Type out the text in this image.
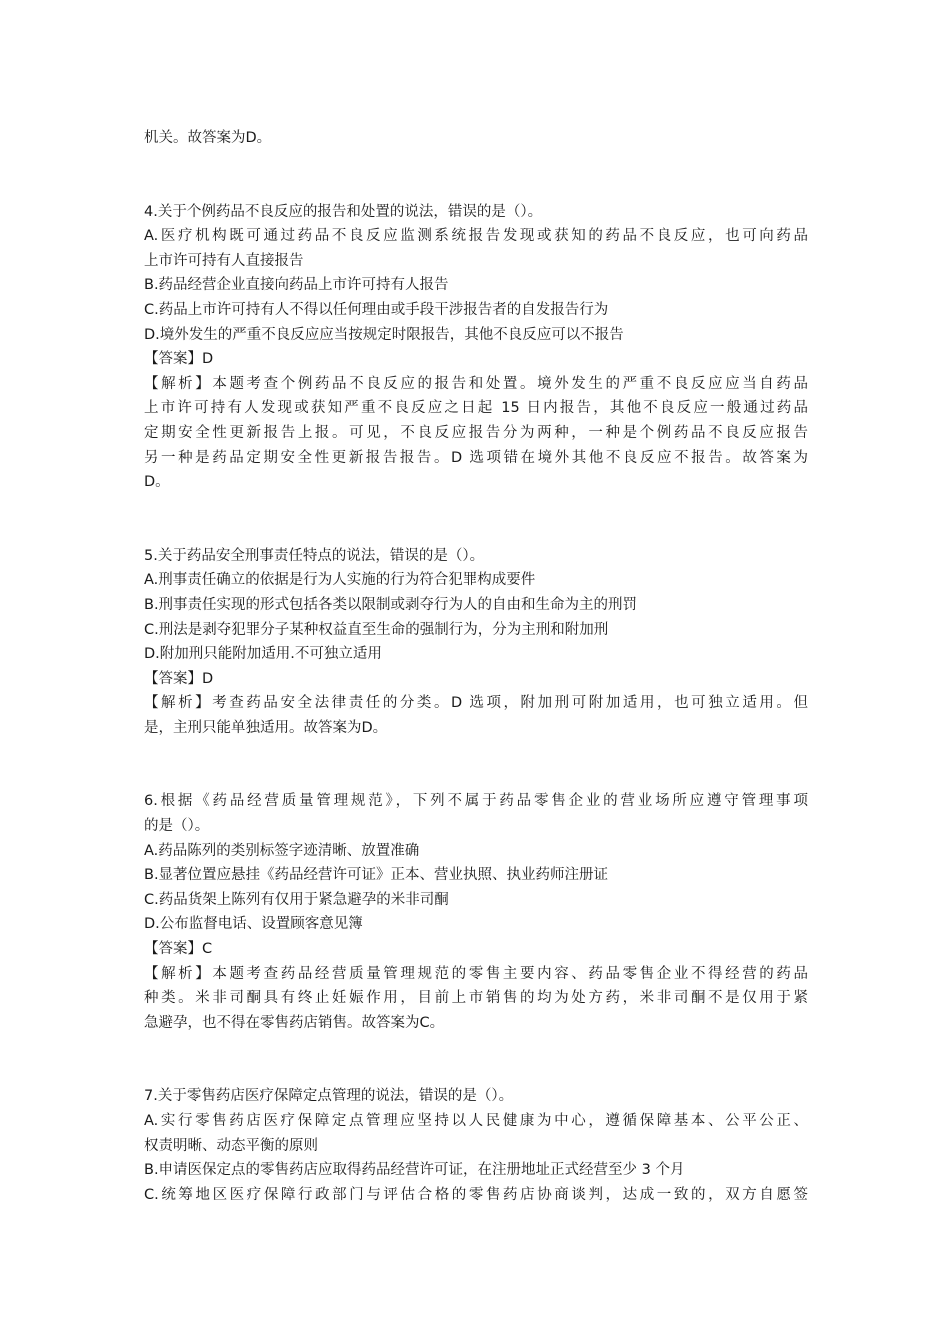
机关。故答案为D。
4.关于个例药品不良反应的报告和处置的说法，错误的是（）。
A.医疗机构既可通过药品不良反应监测系统报告发现或获知的药品不良反应，也可向药品
上市许可持有人直接报告
B.药品经营企业直接向药品上市许可持有人报告
C.药品上市许可持有人不得以任何理由或手段干涉报告者的自发报告行为
D.境外发生的严重不良反应应当按规定时限报告，其他不良反应可以不报告
【答案】D
【解析】本题考查个例药品不良反应的报告和处置。境外发生的严重不良反应应当自药品
上市许可持有人发现或获知严重不良反应之日起 15 日内报告，其他不良反应一般通过药品
定期安全性更新报告上报。可见，不良反应报告分为两种，一种是个例药品不良反应报告
另一种是药品定期安全性更新报告报告。D 选项错在境外其他不良反应不报告。故答案为
D。
5.关于药品安全刑事责任特点的说法，错误的是（）。
A.刑事责任确立的依据是行为人实施的行为符合犯罪构成要件
B.刑事责任实现的形式包括各类以限制或剥夺行为人的自由和生命为主的刑罚
C.刑法是剥夺犯罪分子某种权益直至生命的强制行为，分为主刑和附加刑
D.附加刑只能附加适用.不可独立适用
【答案】D
【解析】考查药品安全法律责任的分类。D 选项，附加刑可附加适用，也可独立适用。但
是，主刑只能单独适用。故答案为D。
6.根据《药品经营质量管理规范》，下列不属于药品零售企业的营业场所应遵守管理事项
的是（）。
A.药品陈列的类别标签字迹清晰、放置准确
B.显著位置应悬挂《药品经营许可证》正本、营业执照、执业药师注册证
C.药品货架上陈列有仅用于紧急避孕的米非司酮
D.公布监督电话、设置顾客意见簿
【答案】C
【解析】本题考查药品经营质量管理规范的零售主要内容、药品零售企业不得经营的药品
种类。米非司酮具有终止妊娠作用，目前上市销售的均为处方药，米非司酮不是仅用于紧
急避孕，也不得在零售药店销售。故答案为C。
7.关于零售药店医疗保障定点管理的说法，错误的是（）。
A.实行零售药店医疗保障定点管理应坚持以人民健康为中心，遵循保障基本、公平公正、
权责明晰、动态平衡的原则
B.申请医保定点的零售药店应取得药品经营许可证，在注册地址正式经营至少 3 个月
C.统筹地区医疗保障行政部门与评估合格的零售药店协商谈判，达成一致的，双方自愿签
